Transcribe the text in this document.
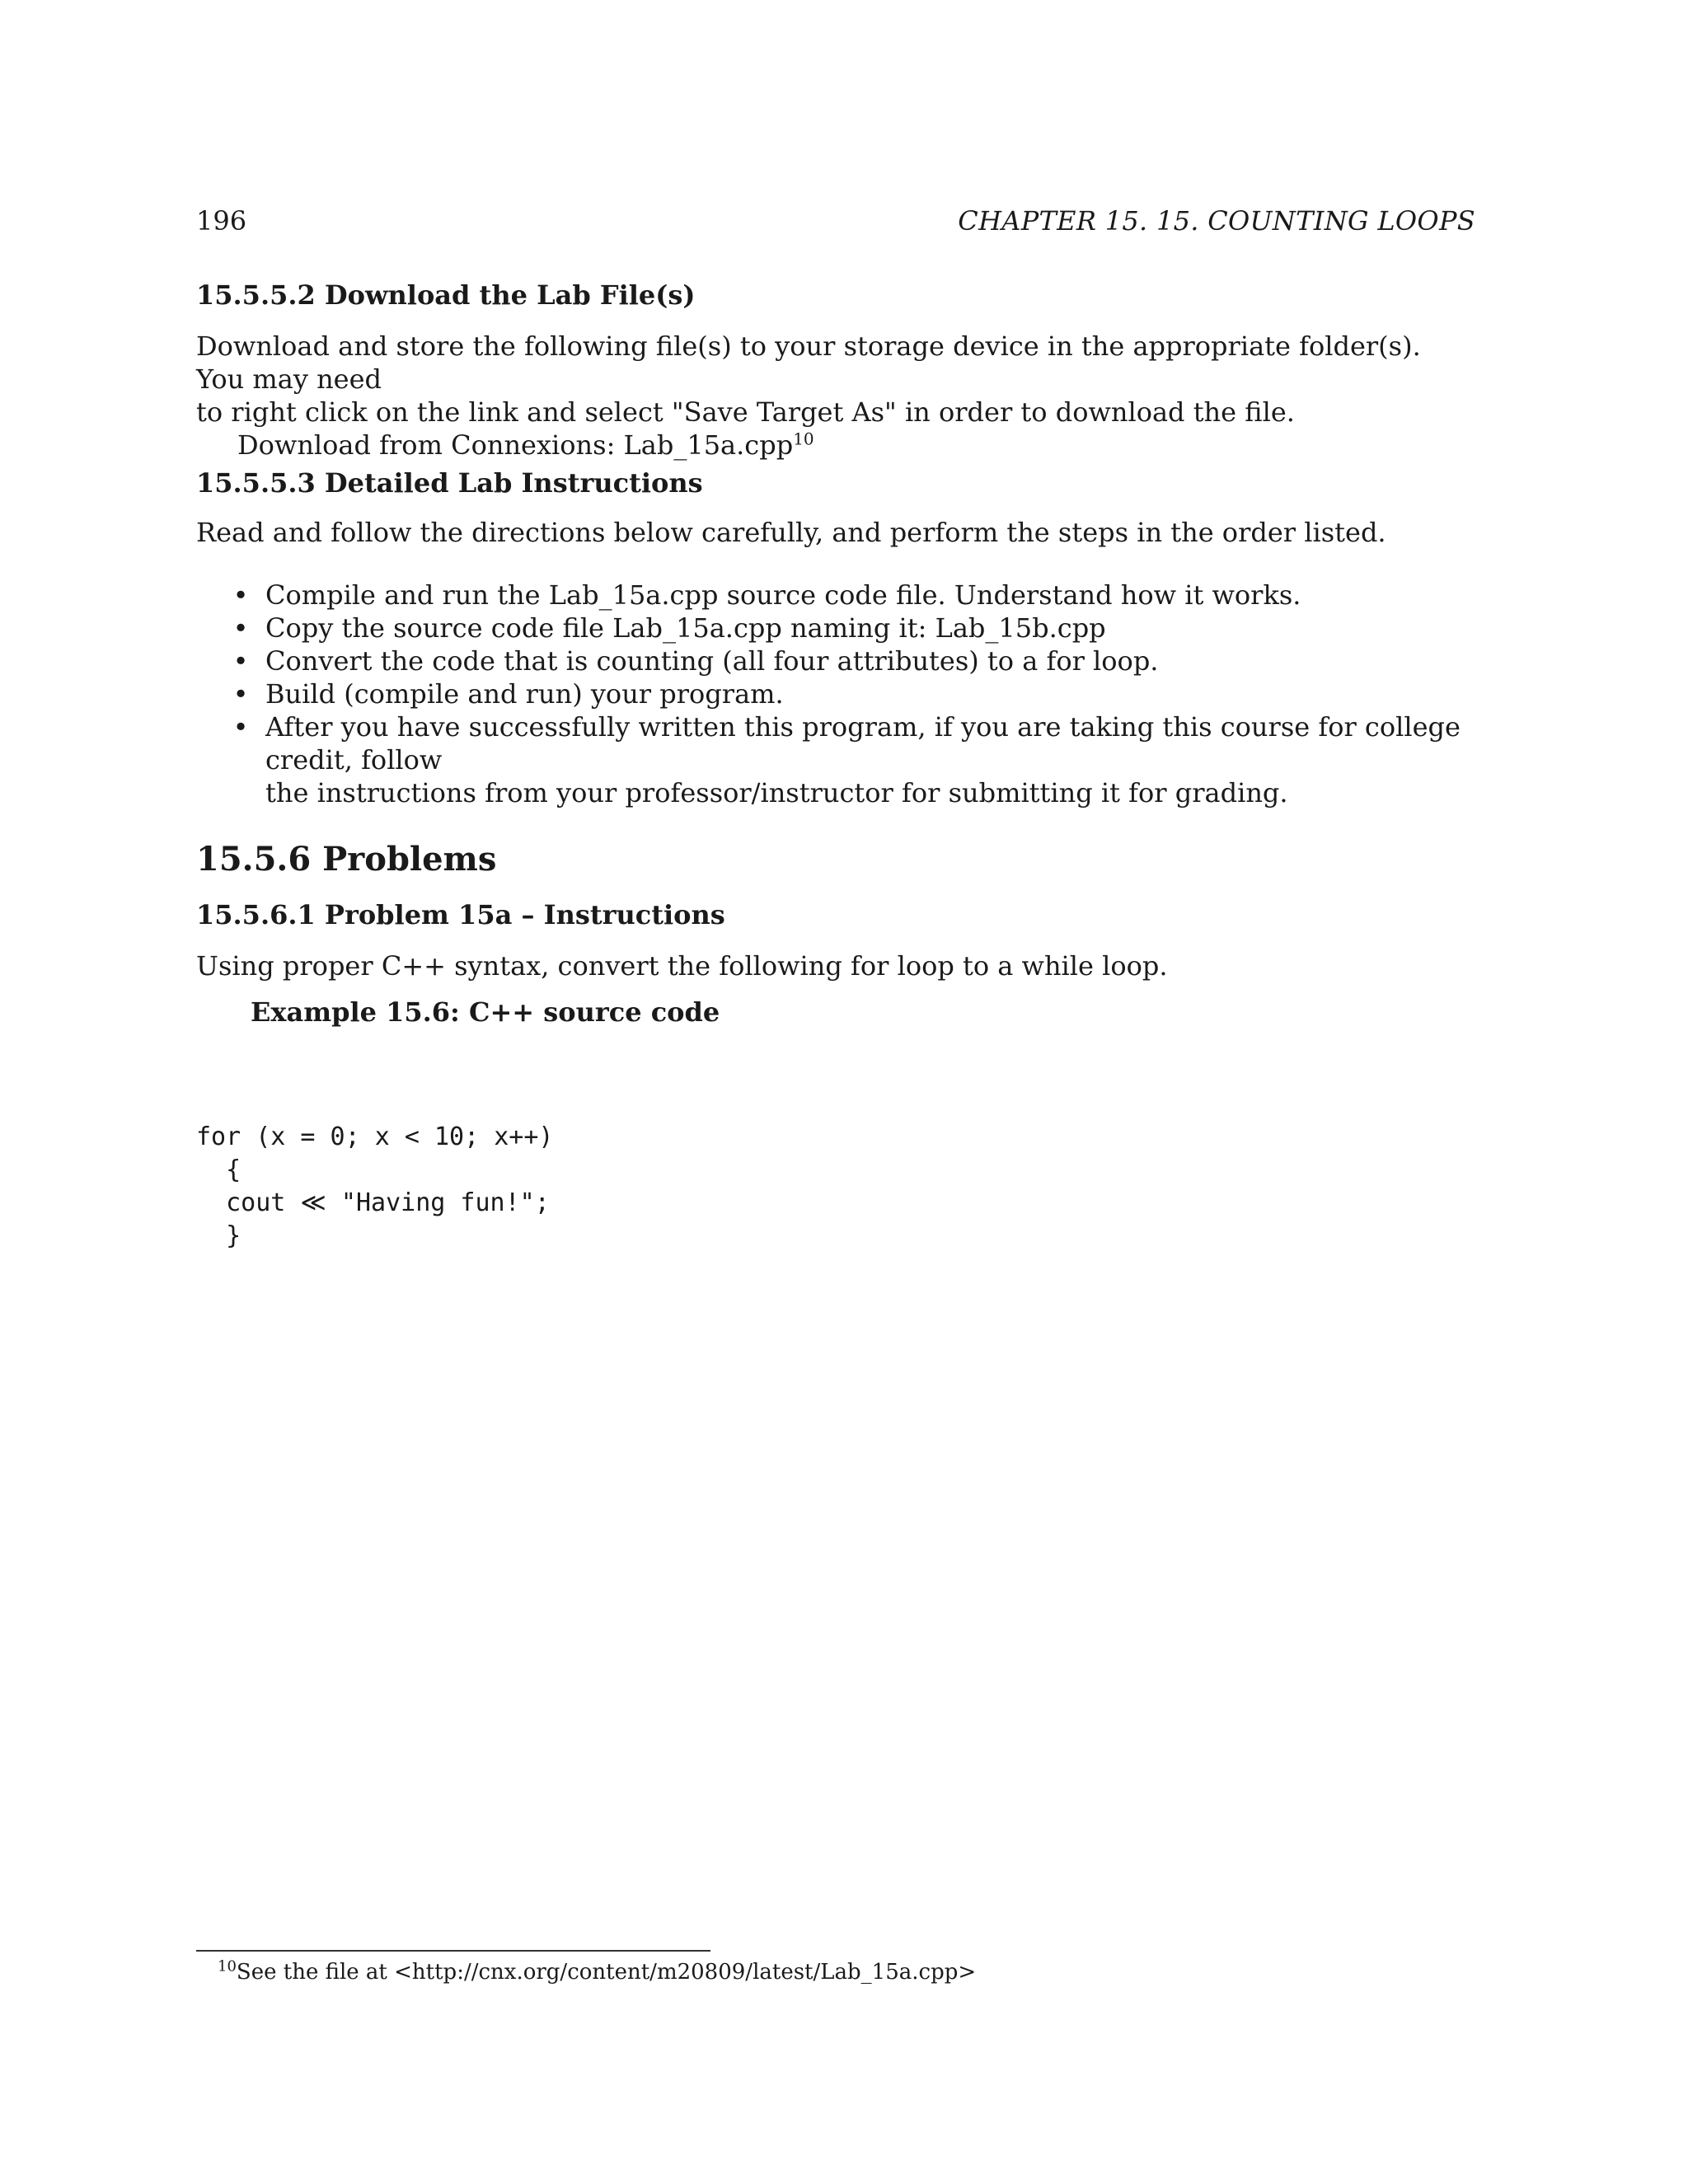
196	CHAPTER 15. 15. COUNTING LOOPS
15.5.5.2 Download the Lab File(s)

Download and store the following file(s) to your storage device in the appropriate folder(s). You may need

to right click on the link and select "Save Target As" in order to download the file.

Download from Connexions: Lab_15a.cpp$^{10}$

15.5.5.3 Detailed Lab Instructions

Read and follow the directions below carefully, and perform the steps in the order listed.

• Compile and run the Lab_15a.cpp source code file. Understand how it works.
• Copy the source code file Lab_15a.cpp naming it: Lab_15b.cpp
• Convert the code that is counting (all four attributes) to a for loop.
• Build (compile and run) your program.
• After you have successfully written this program, if you are taking this course for college credit, follow
the instructions from your professor/instructor for submitting it for grading.
15.5.6 Problems
15.5.6.1 Problem 15a – Instructions

Using proper C++ syntax, convert the following for loop to a while loop.

Example 15.6: C++ source code

for (x = 0; x < 10; x++)
{
cout ≪ "Having fun!";
}
$^{10}$See the file at <http://cnx.org/content/m20809/latest/Lab_15a.cpp>
